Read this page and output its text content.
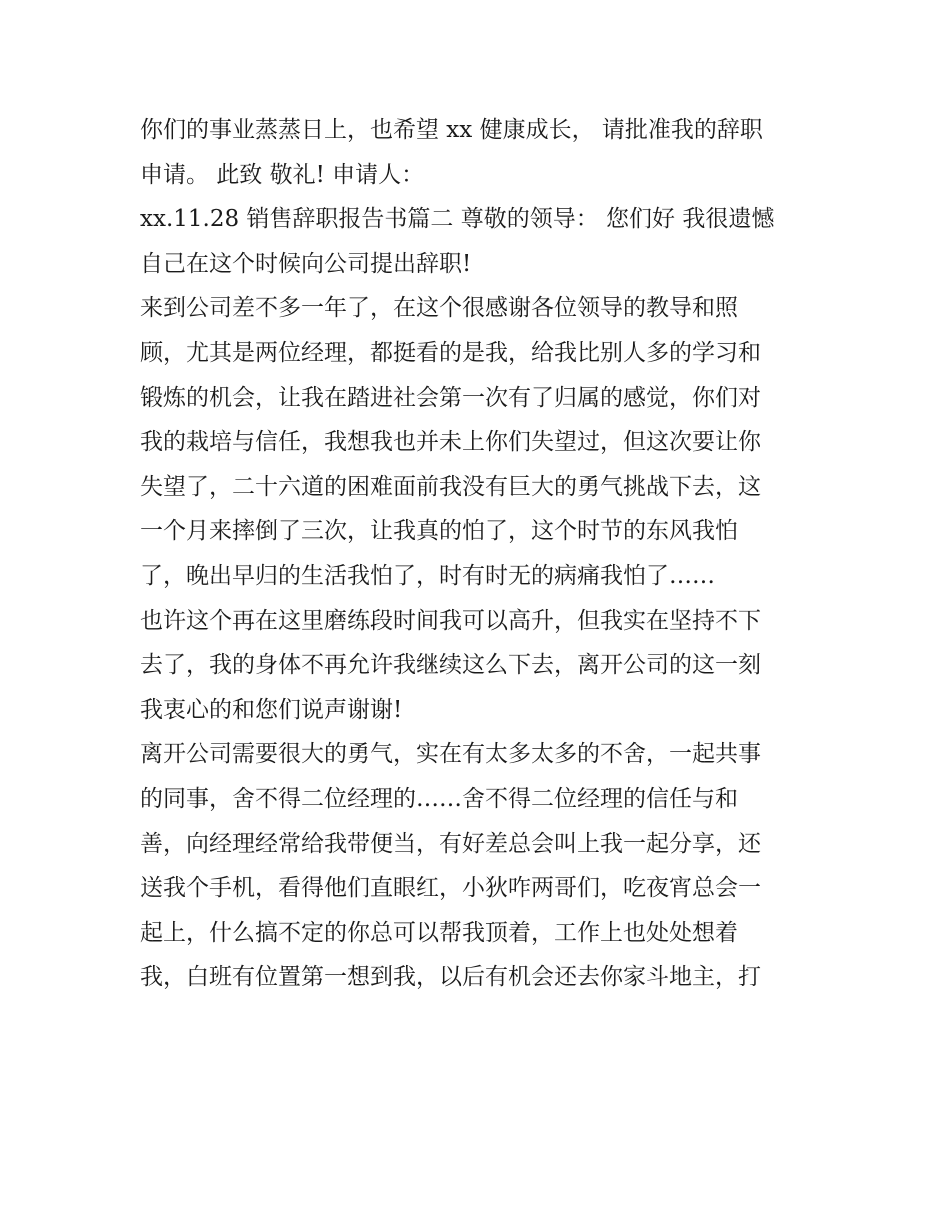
你们的事业蒸蒸日上，也希望 xx 健康成长， 请批准我的辞职
申请。 此致 敬礼! 申请人：
xx.11.28 销售辞职报告书篇二 尊敬的领导： 您们好 我很遗憾
自己在这个时候向公司提出辞职!
来到公司差不多一年了，在这个很感谢各位领导的教导和照
顾，尤其是两位经理，都挺看的是我，给我比别人多的学习和
锻炼的机会，让我在踏进社会第一次有了归属的感觉，你们对
我的栽培与信任，我想我也并未上你们失望过，但这次要让你
失望了，二十六道的困难面前我没有巨大的勇气挑战下去，这
一个月来摔倒了三次，让我真的怕了，这个时节的东风我怕
了，晚出早归的生活我怕了，时有时无的病痛我怕了……
也许这个再在这里磨练段时间我可以高升，但我实在坚持不下
去了，我的身体不再允许我继续这么下去，离开公司的这一刻
我衷心的和您们说声谢谢!
离开公司需要很大的勇气，实在有太多太多的不舍，一起共事
的同事，舍不得二位经理的……舍不得二位经理的信任与和
善，向经理经常给我带便当，有好差总会叫上我一起分享，还
送我个手机，看得他们直眼红，小狄咋两哥们，吃夜宵总会一
起上，什么搞不定的你总可以帮我顶着，工作上也处处想着
我，白班有位置第一想到我，以后有机会还去你家斗地主，打
